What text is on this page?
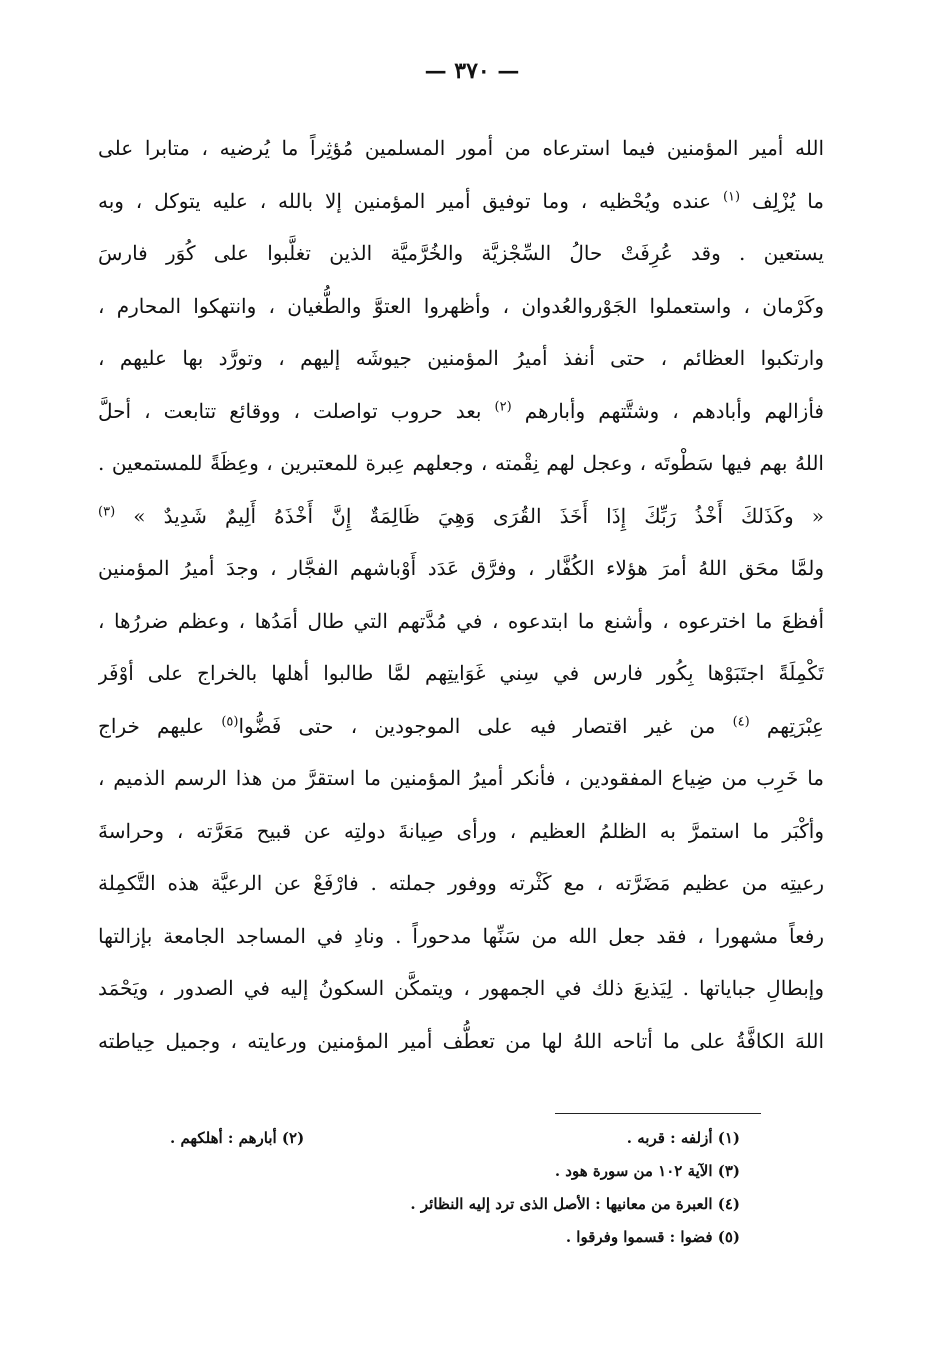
— ٣٧٠ —
الله أمير المؤمنين فيما استرعاه من أمور المسلمين مُؤثِراً ما يُرضيه ، متابرا على
ما يُزْلِف $^{(١)}$ عنده ويُحْظيه ، وما توفيق أمير المؤمنين إلا بالله ، عليه يتوكل ، وبه
يستعين . وقد عُرِفَتْ حالُ السِّجْزيَّة والخُرَّميَّة الذين تغلَّبوا على كُوَر فارسَ
وكَرْمان ، واستعملوا الجَوْروالعُدوان ، وأظهروا العتوَّ والطُّغيان ، وانتهكوا المحارم ،
وارتكبوا العظائم ، حتى أنفذ أميرُ المؤمنين جيوشَه إليهم ، وتورَّد بها عليهم ،
فأزالهم وأبادهم ، وشتَّتهم وأبارهم $^{(٢)}$ بعد حروب تواصلت ، ووقائع تتابعت ، أحلَّ
اللهُ بهم فيها سَطْوتَه ، وعجل لهم نِقْمته ، وجعلهم عِبرة للمعتبرين ، وعِظَةً للمستمعين .
« وكَذَلكَ أَخْذُ رَبِّكَ إِذَا أَخَذَ القُرَى وَهِيَ ظَالِمَةٌ إِنَّ أَخْذَهُ أَلِيمٌ شَدِيدٌ » $^{(٣)}$
ولمَّا محَق اللهُ أمرَ هؤلاء الكُفَّار ، وفرَّق عَدَد أَوْباشهم الفجَّار ، وجدَ أميرُ المؤمنين
أفظعَ ما اخترعوه ، وأشنع ما ابتدعوه ، في مُدَّتهم التي طال أمَدُها ، وعظم ضررُها ،
تَكْمِلَةً اجتَبَوْها بِكُور فارس في سِني غَوَايتِهم لمَّا طالبوا أهلها بالخراج على أوْفَر
عِبْرَتِهم $^{(٤)}$ من غير اقتصار فيه على الموجودين ، حتى فَضُّوا$^{(٥)}$ عليهم خراج
ما خَرِب من ضِياع المفقودين ، فأنكر أميرُ المؤمنين ما استقرَّ من هذا الرسم الذميم ،
وأكْبَر ما استمرَّ به الظلمُ العظيم ، ورأى صِيانةَ دولتِه عن قبيح مَعَرَّته ، وحراسةَ
رعيتِه من عظيم مَضَرَّته ، مع كَثْرته ووفور جملته . فارْفَعْ عن الرعيَّة هذه التَّكمِلة
رفعاً مشهورا ، فقد جعل الله من سَنِّها مدحوراً . ونادِ في المساجد الجامعة بإزالتها
وإبطالِ جباياتها . لِيَذيعَ ذلك في الجمهور ، ويتمكَّن السكونُ إليه في الصدور ، ويَحْمَد
اللهَ الكافَّةُ على ما أتاحه اللهُ لها من تعطُّف أمير المؤمنين ورعايته ، وجميل حِياطته
(١) أزلفه : قربه .
(٢) أبارهم : أهلكهم .
(٣) الآية ١٠٢ من سورة هود .
(٤) العبرة من معانيها : الأصل الذى ترد إليه النظائر .
(٥) فضوا : قسموا وفرقوا .
